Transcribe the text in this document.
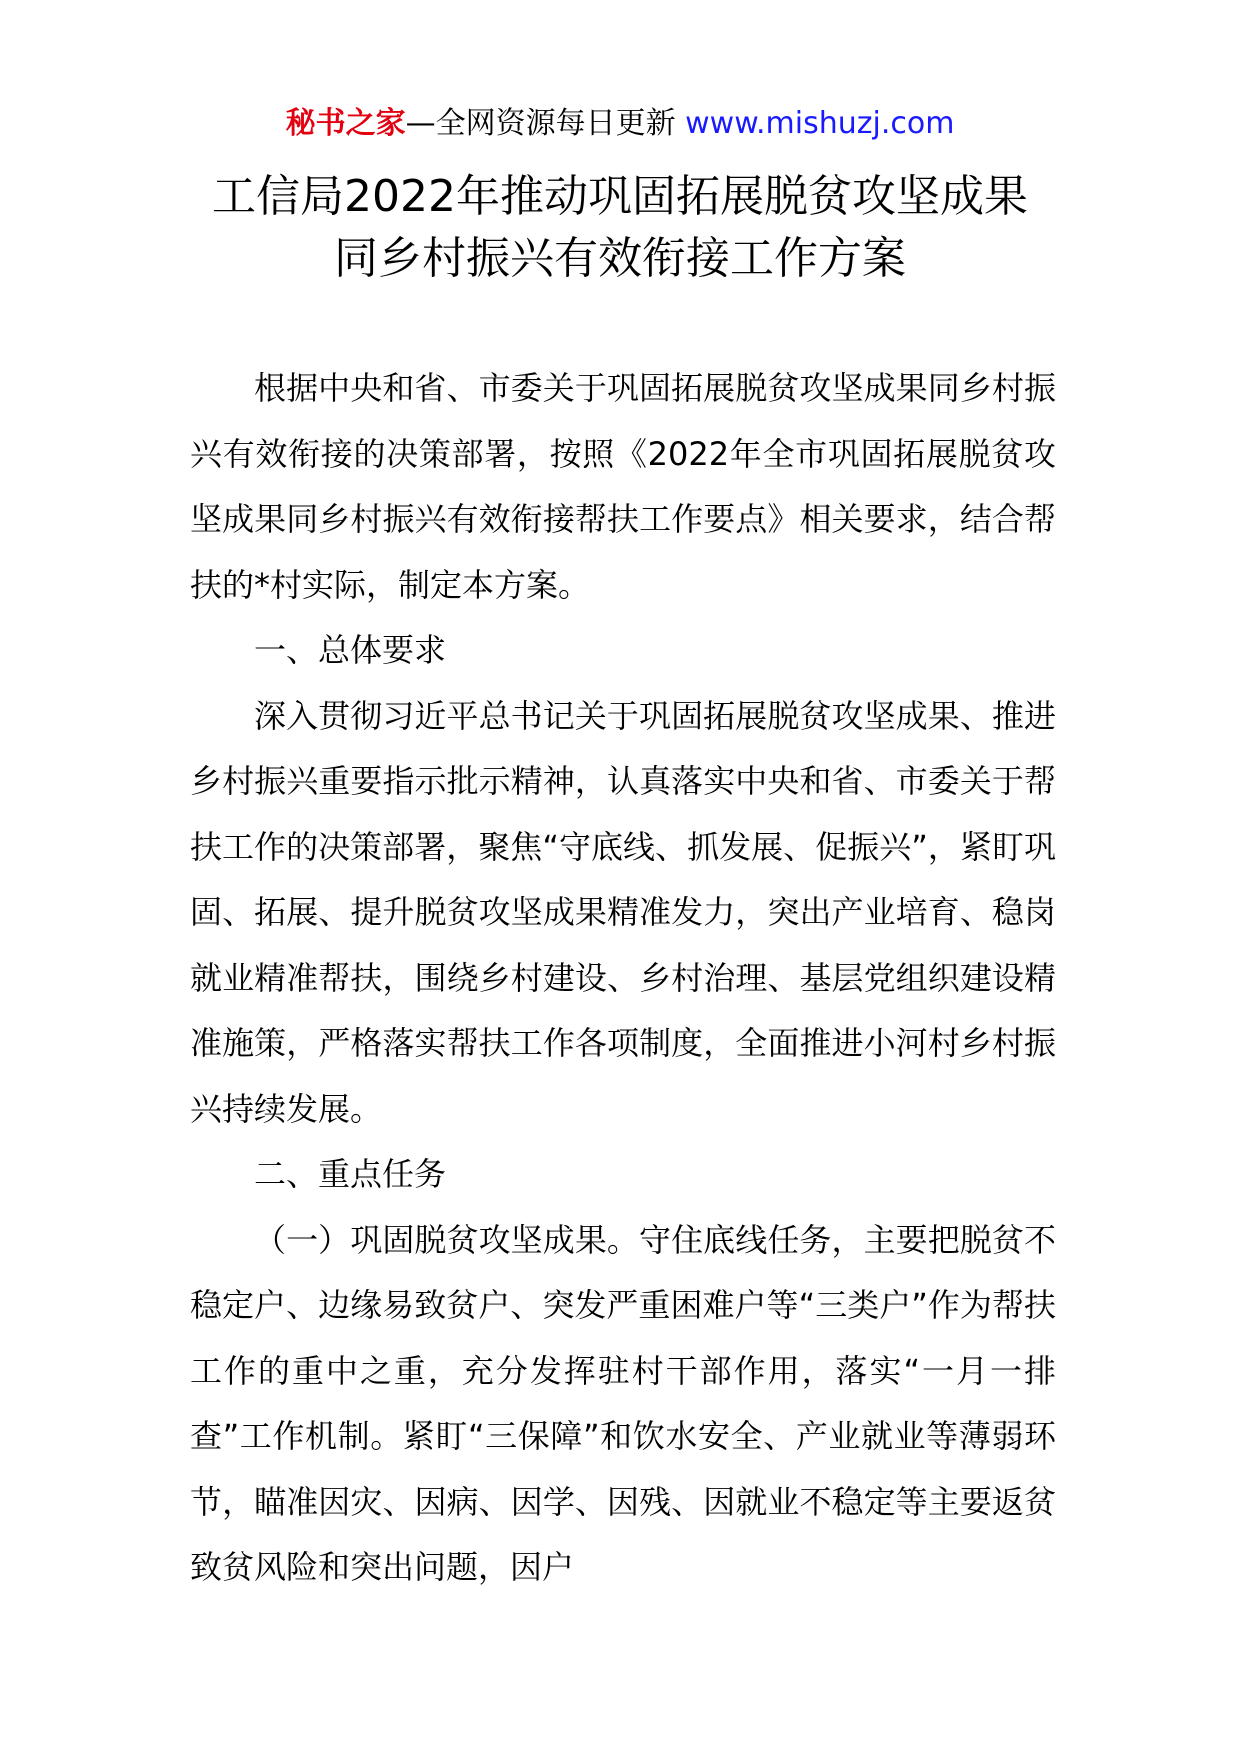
秘书之家—全网资源每日更新 www.mishuzj.com
工信局2022年推动巩固拓展脱贫攻坚成果
同乡村振兴有效衔接工作方案

根据中央和省、市委关于巩固拓展脱贫攻坚成果同乡村振兴有效衔接的决策部署，按照《2022年全市巩固拓展脱贫攻坚成果同乡村振兴有效衔接帮扶工作要点》相关要求，结合帮扶的*村实际，制定本方案。

一、总体要求

深入贯彻习近平总书记关于巩固拓展脱贫攻坚成果、推进乡村振兴重要指示批示精神，认真落实中央和省、市委关于帮扶工作的决策部署，聚焦“守底线、抓发展、促振兴”，紧盯巩固、拓展、提升脱贫攻坚成果精准发力，突出产业培育、稳岗就业精准帮扶，围绕乡村建设、乡村治理、基层党组织建设精准施策，严格落实帮扶工作各项制度，全面推进小河村乡村振兴持续发展。

二、重点任务

（一）巩固脱贫攻坚成果。守住底线任务，主要把脱贫不稳定户、边缘易致贫户、突发严重困难户等“三类户”作为帮扶工作的重中之重，充分发挥驻村干部作用，落实“一月一排查”工作机制。紧盯“三保障”和饮水安全、产业就业等薄弱环节，瞄准因灾、因病、因学、因残、因就业不稳定等主要返贫致贫风险和突出问题，因户
